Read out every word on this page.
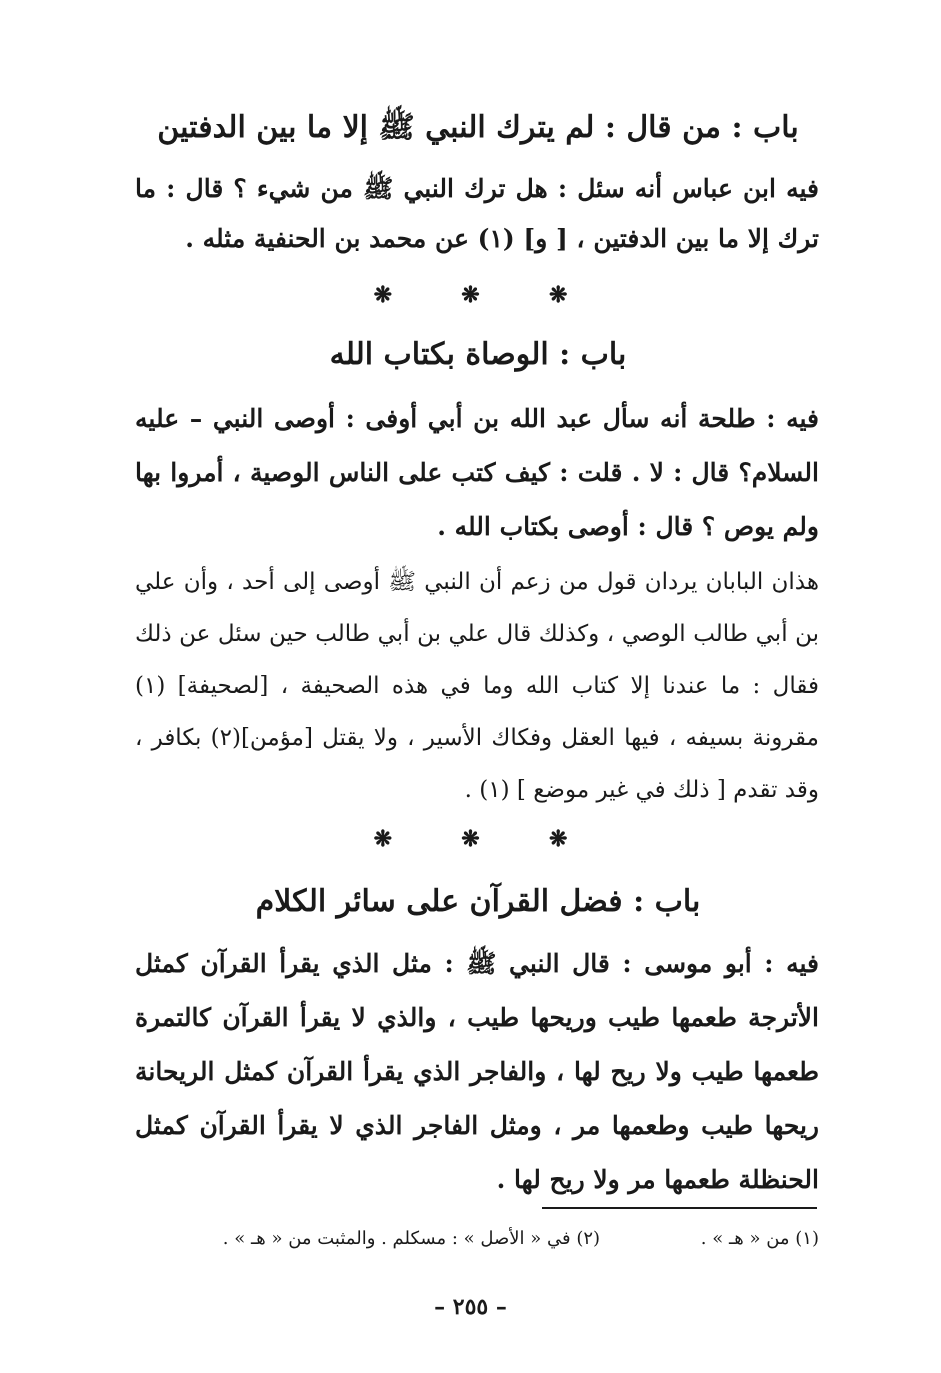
باب : من قال : لم يترك النبي ﷺ إلا ما بين الدفتين
فيه ابن عباس أنه سئل : هل ترك النبي ﷺ من شيء ؟ قال : ما ترك إلا ما بين الدفتين ، [ و] (١) عن محمد بن الحنفية مثله .
❋	❋	❋
باب : الوصاة بكتاب الله
فيه : طلحة أنه سأل عبد الله بن أبي أوفى : أوصى النبي – عليه السلام؟ قال : لا . قلت : كيف كتب على الناس الوصية ، أمروا بها ولم يوص ؟ قال : أوصى بكتاب الله .
هذان البابان يردان قول من زعم أن النبي ﷺ أوصى إلى أحد ، وأن علي بن أبي طالب الوصي ، وكذلك قال علي بن أبي طالب حين سئل عن ذلك فقال : ما عندنا إلا كتاب الله وما في هذه الصحيفة ، [لصحيفة] (١) مقرونة بسيفه ، فيها العقل وفكاك الأسير ، ولا يقتل [مؤمن](٢) بكافر ، وقد تقدم [ ذلك في غير موضع ] (١) .
❋	❋	❋
باب : فضل القرآن على سائر الكلام
فيه : أبو موسى : قال النبي ﷺ : مثل الذي يقرأ القرآن كمثل الأترجة طعمها طيب وريحها طيب ، والذي لا يقرأ القرآن كالتمرة طعمها طيب ولا ريح لها ، والفاجر الذي يقرأ القرآن كمثل الريحانة ريحها طيب وطعمها مر ، ومثل الفاجر الذي لا يقرأ القرآن كمثل الحنظلة طعمها مر ولا ريح لها .
(١) من « هـ » . (٢) في « الأصل » : مسكلم . والمثبت من « هـ » .
– ٢٥٥ –
